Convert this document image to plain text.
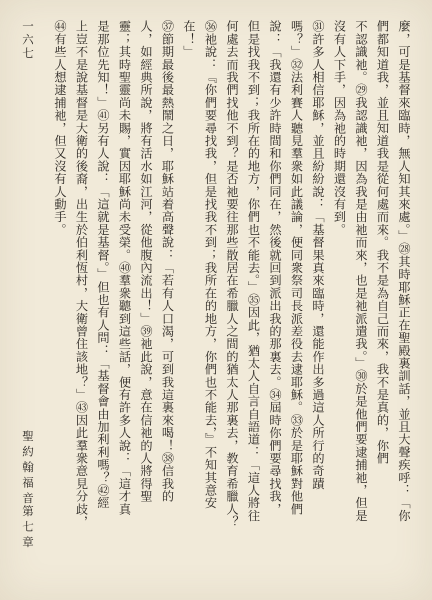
麼，可是基督來臨時，無人知其來處。」㉘其時耶穌正在聖殿裏訓話，並且大聲疾呼：「你
們都知道我，並且知道我是從何處而來。我不是為自己而來，我不是真的，你們
不認識祂。㉙我認識祂，因為我是由祂而來，也是祂派遣我。」㉚於是他們要逮捕祂，但是
沒有人下手，因為祂的時期還沒有到。
㉛許多人相信耶穌，並且紛紛說：「基督果真來臨時，還能作出多過這人所行的奇蹟
嗎？」㉜法利賽人聽見羣衆如此議論，便同衆祭司長派差役去逮耶穌。㉝於是耶穌對他們
說：「我還有少許時間和你們同在，然後就回到派出我的那裏去。㉞屆時你們要尋找我，
但是找我不到；我所在的地方，你們也不能去。」㉟因此，猶太人自言自語道：「這人將往
何處去而我們找他不到？是否祂要往那些散居在希臘人之間的猶太人那裏去，教育希臘人？
㊱祂說：『你們要尋找我，但是找我不到；我所在的地方，你們也不能去，』不知其意安
在！」
㊲節期最後最熱鬧之日，耶穌站着高聲說：「若有人口渴，可到我這裏來喝！㊳信我的
人，如經典所說，將有活水如江河，從他腹內流出！」㊴祂此說，意在信祂的人將得聖
靈；其時聖靈尚未賜，實因耶穌尚未受榮。㊵羣衆聽到這些話，便有許多人說：「這才真
是那位先知！」㊶另有人說：「這就是基督。」但也有人問：「基督會由加利利嗎？㊷經
上豈不是說基督是大衛的後裔，出生於伯利恆村，大衛曾住該地？」㊸因此羣衆意見分歧，
㊹有些人想逮捕祂，但又沒有人動手。
聖約翰福音
第七章
一六七
